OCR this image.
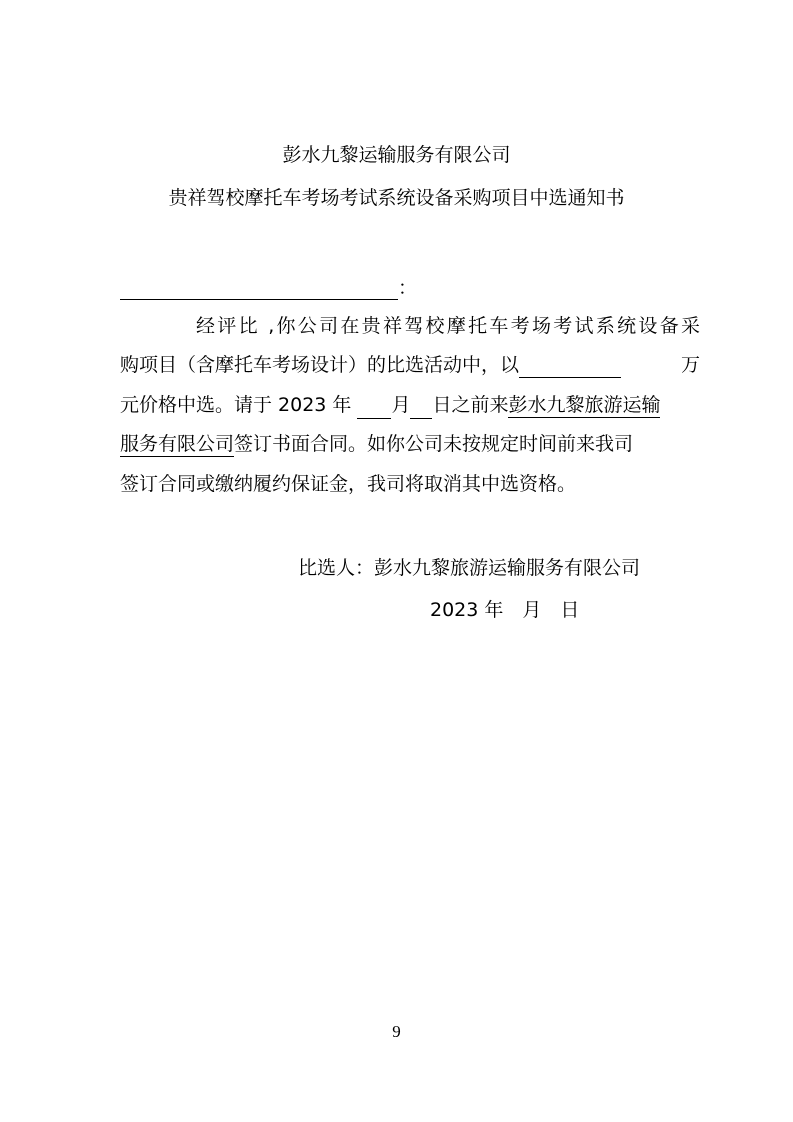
彭水九黎运输服务有限公司
贵祥驾校摩托车考场考试系统设备采购项目中选通知书
：
经评比 ,你公司在贵祥驾校摩托车考场考试系统设备采
购项目（含摩托车考场设计）的比选活动中，以	万
元价格中选。请于 2023 年 月 日之前来彭水九黎旅游运输
服务有限公司签订书面合同。如你公司未按规定时间前来我司
签订合同或缴纳履约保证金，我司将取消其中选资格。
比选人：彭水九黎旅游运输服务有限公司
2023 年　月　日
9
